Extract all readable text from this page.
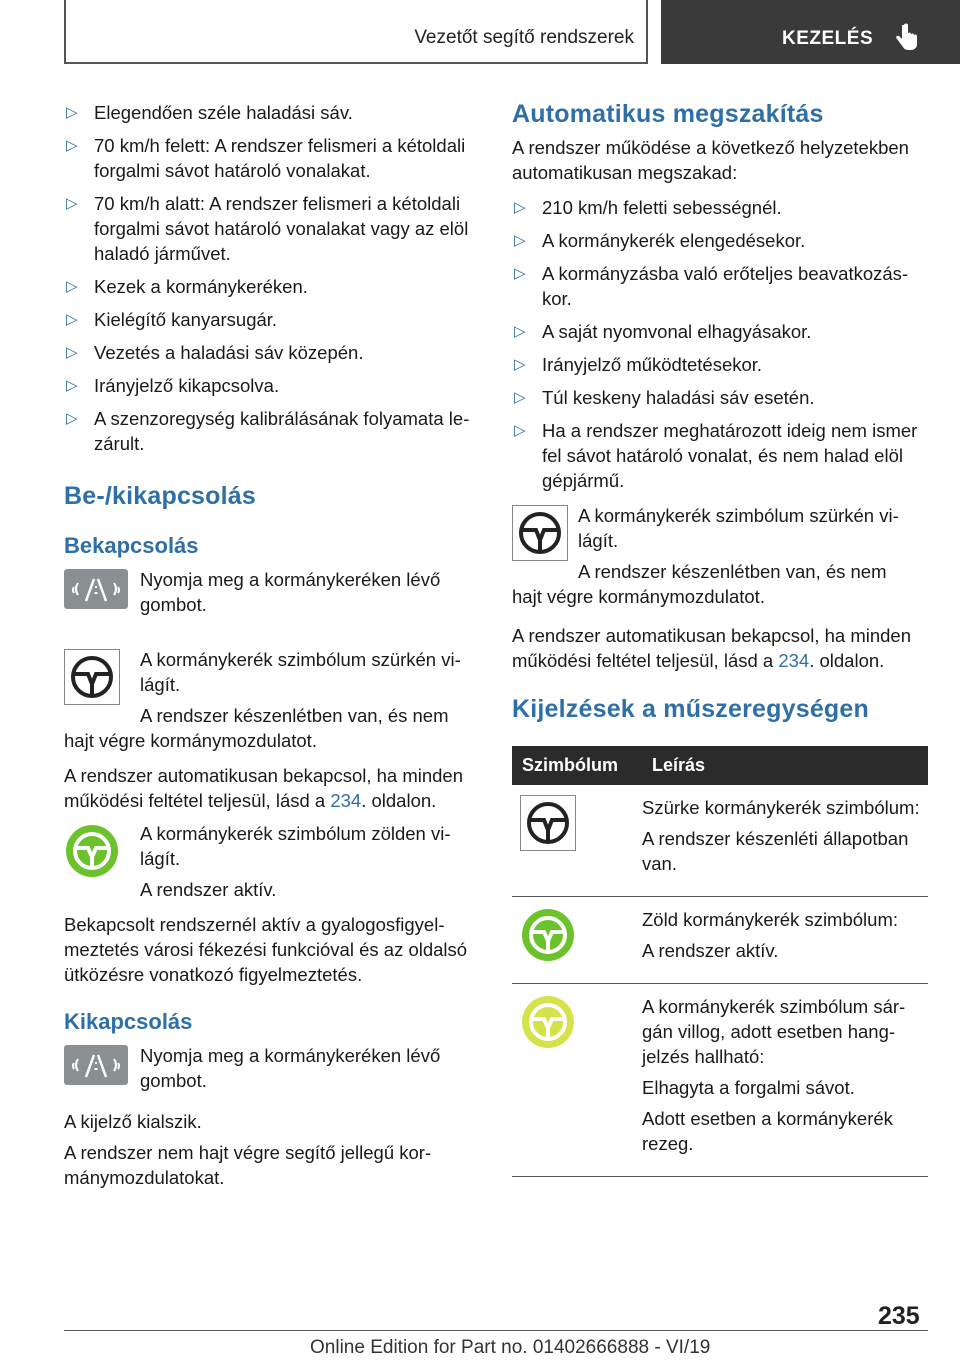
Vezetőt segítő rendszerek	KEZELÉS
▷ Elegendően széle haladási sáv.
▷ 70 km/h felett: A rendszer felismeri a kétoldali forgalmi sávot határoló vonalakat.
▷ 70 km/h alatt: A rendszer felismeri a kétoldali forgalmi sávot határoló vonalakat vagy az elöl haladó járművet.
▷ Kezek a kormánykeréken.
▷ Kielégítő kanyarsugár.
▷ Vezetés a haladási sáv közepén.
▷ Irányjelző kikapcsolva.
▷ A szenzoregység kalibrálásának folyamata lezárult.
Be-/kikapcsolás
Bekapcsolás

Nyomja meg a kormánykeréken lévő gombot.

A kormánykerék szimbólum szürkén világít.

A rendszer készenlétben van, és nem

hajt végre kormánymozdulatot.

A rendszer automatikusan bekapcsol, ha minden működési feltétel teljesül, lásd a 234. oldalon.

A kormánykerék szimbólum zölden világít.

A rendszer aktív.

Bekapcsolt rendszernél aktív a gyalogosfigyelmeztetés városi fékezési funkcióval és az oldalsó ütközésre vonatkozó figyelmeztetés.

Kikapcsolás

Nyomja meg a kormánykeréken lévő gombot.

A kijelző kialszik.

A rendszer nem hajt végre segítő jellegű kormánymozdulatokat.

Automatikus megszakítás

A rendszer működése a következő helyzetekben automatikusan megszakad:

▷ 210 km/h feletti sebességnél.
▷ A kormánykerék elengedésekor.
▷ A kormányzásba való erőteljes beavatkozáskor.
▷ A saját nyomvonal elhagyásakor.
▷ Irányjelző működtetésekor.
▷ Túl keskeny haladási sáv esetén.
▷ Ha a rendszer meghatározott ideig nem ismer fel sávot határoló vonalat, és nem halad elöl gépjármű.

A kormánykerék szimbólum szürkén világít.

A rendszer készenlétben van, és nem

hajt végre kormánymozdulatot.

A rendszer automatikusan bekapcsol, ha minden működési feltétel teljesül, lásd a 234. oldalon.

Kijelzések a műszeregységen
Szimbólum	Leírás

Szürke kormánykerék szimbólum:

A rendszer készenléti állapotban van.

Zöld kormánykerék szimbólum:

A rendszer aktív.

A kormánykerék szimbólum sárgán villog, adott esetben hangjelzés hallható:

Elhagyta a forgalmi sávot.

Adott esetben a kormánykerék rezeg.

235
Online Edition for Part no. 01402666888 - VI/19
